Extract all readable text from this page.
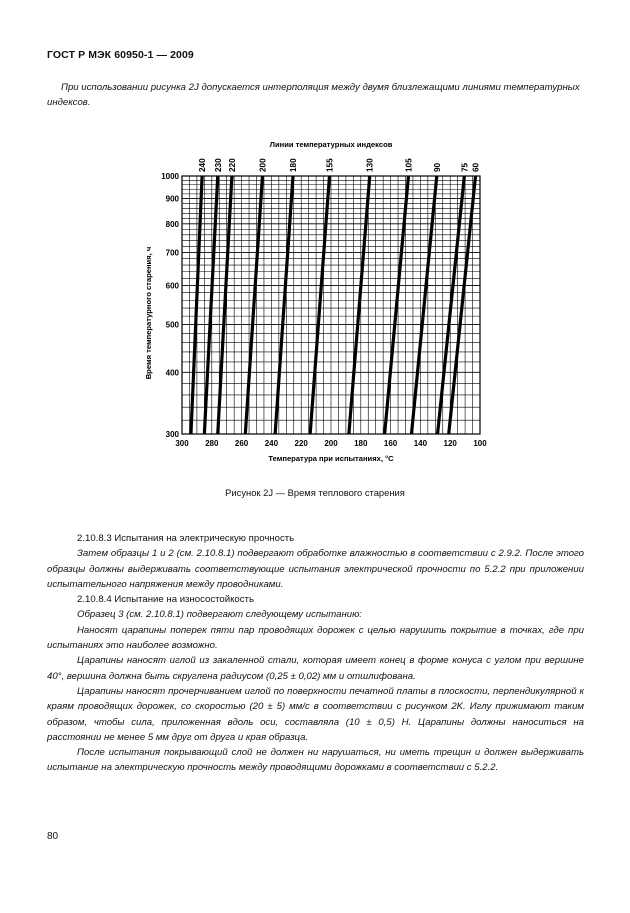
ГОСТ Р МЭК 60950-1 — 2009

При использовании рисунка 2J допускается интерполяция между двумя близлежащими линиями температурных индексов.

240 230 220	200	180	155	130	105 90 75 60
300 280 260 240 220 200 180 160 140 120 100
1000
900
800
700
600
500
400
300
Линии температурных индексов
Температура при испытаниях, °C
Время температурного старения, ч
Рисунок 2J — Время теплового старения

2.10.8.3 Испытания на электрическую прочность

Затем образцы 1 и 2 (см. 2.10.8.1) подвергают обработке влажностью в соответствии с 2.9.2. После этого образцы должны выдерживать соответствующие испытания электрической прочности по 5.2.2 при приложении испытательного напряжения между проводниками.

2.10.8.4 Испытание на износостойкость

Образец 3 (см. 2.10.8.1) подвергают следующему испытанию:

Наносят царапины поперек пяти пар проводящих дорожек с целью нарушить покрытие в точках, где при испытаниях это наиболее возможно.

Царапины наносят иглой из закаленной стали, которая имеет конец в форме конуса с углом при вершине 40°, вершина должна быть скруглена радиусом (0,25 ± 0,02) мм и отшлифована.

Царапины наносят прочерчиванием иглой по поверхности печатной платы в плоскости, перпендикулярной к краям проводящих дорожек, со скоростью (20 ± 5) мм/с в соответствии с рисунком 2K. Иглу прижимают таким образом, чтобы сила, приложенная вдоль оси, составляла (10 ± 0,5) Н. Царапины должны наноситься на расстоянии не менее 5 мм друг от друга и края образца.

После испытания покрывающий слой не должен ни нарушаться, ни иметь трещин и должен выдерживать испытание на электрическую прочность между проводящими дорожками в соответствии с 5.2.2.

80
